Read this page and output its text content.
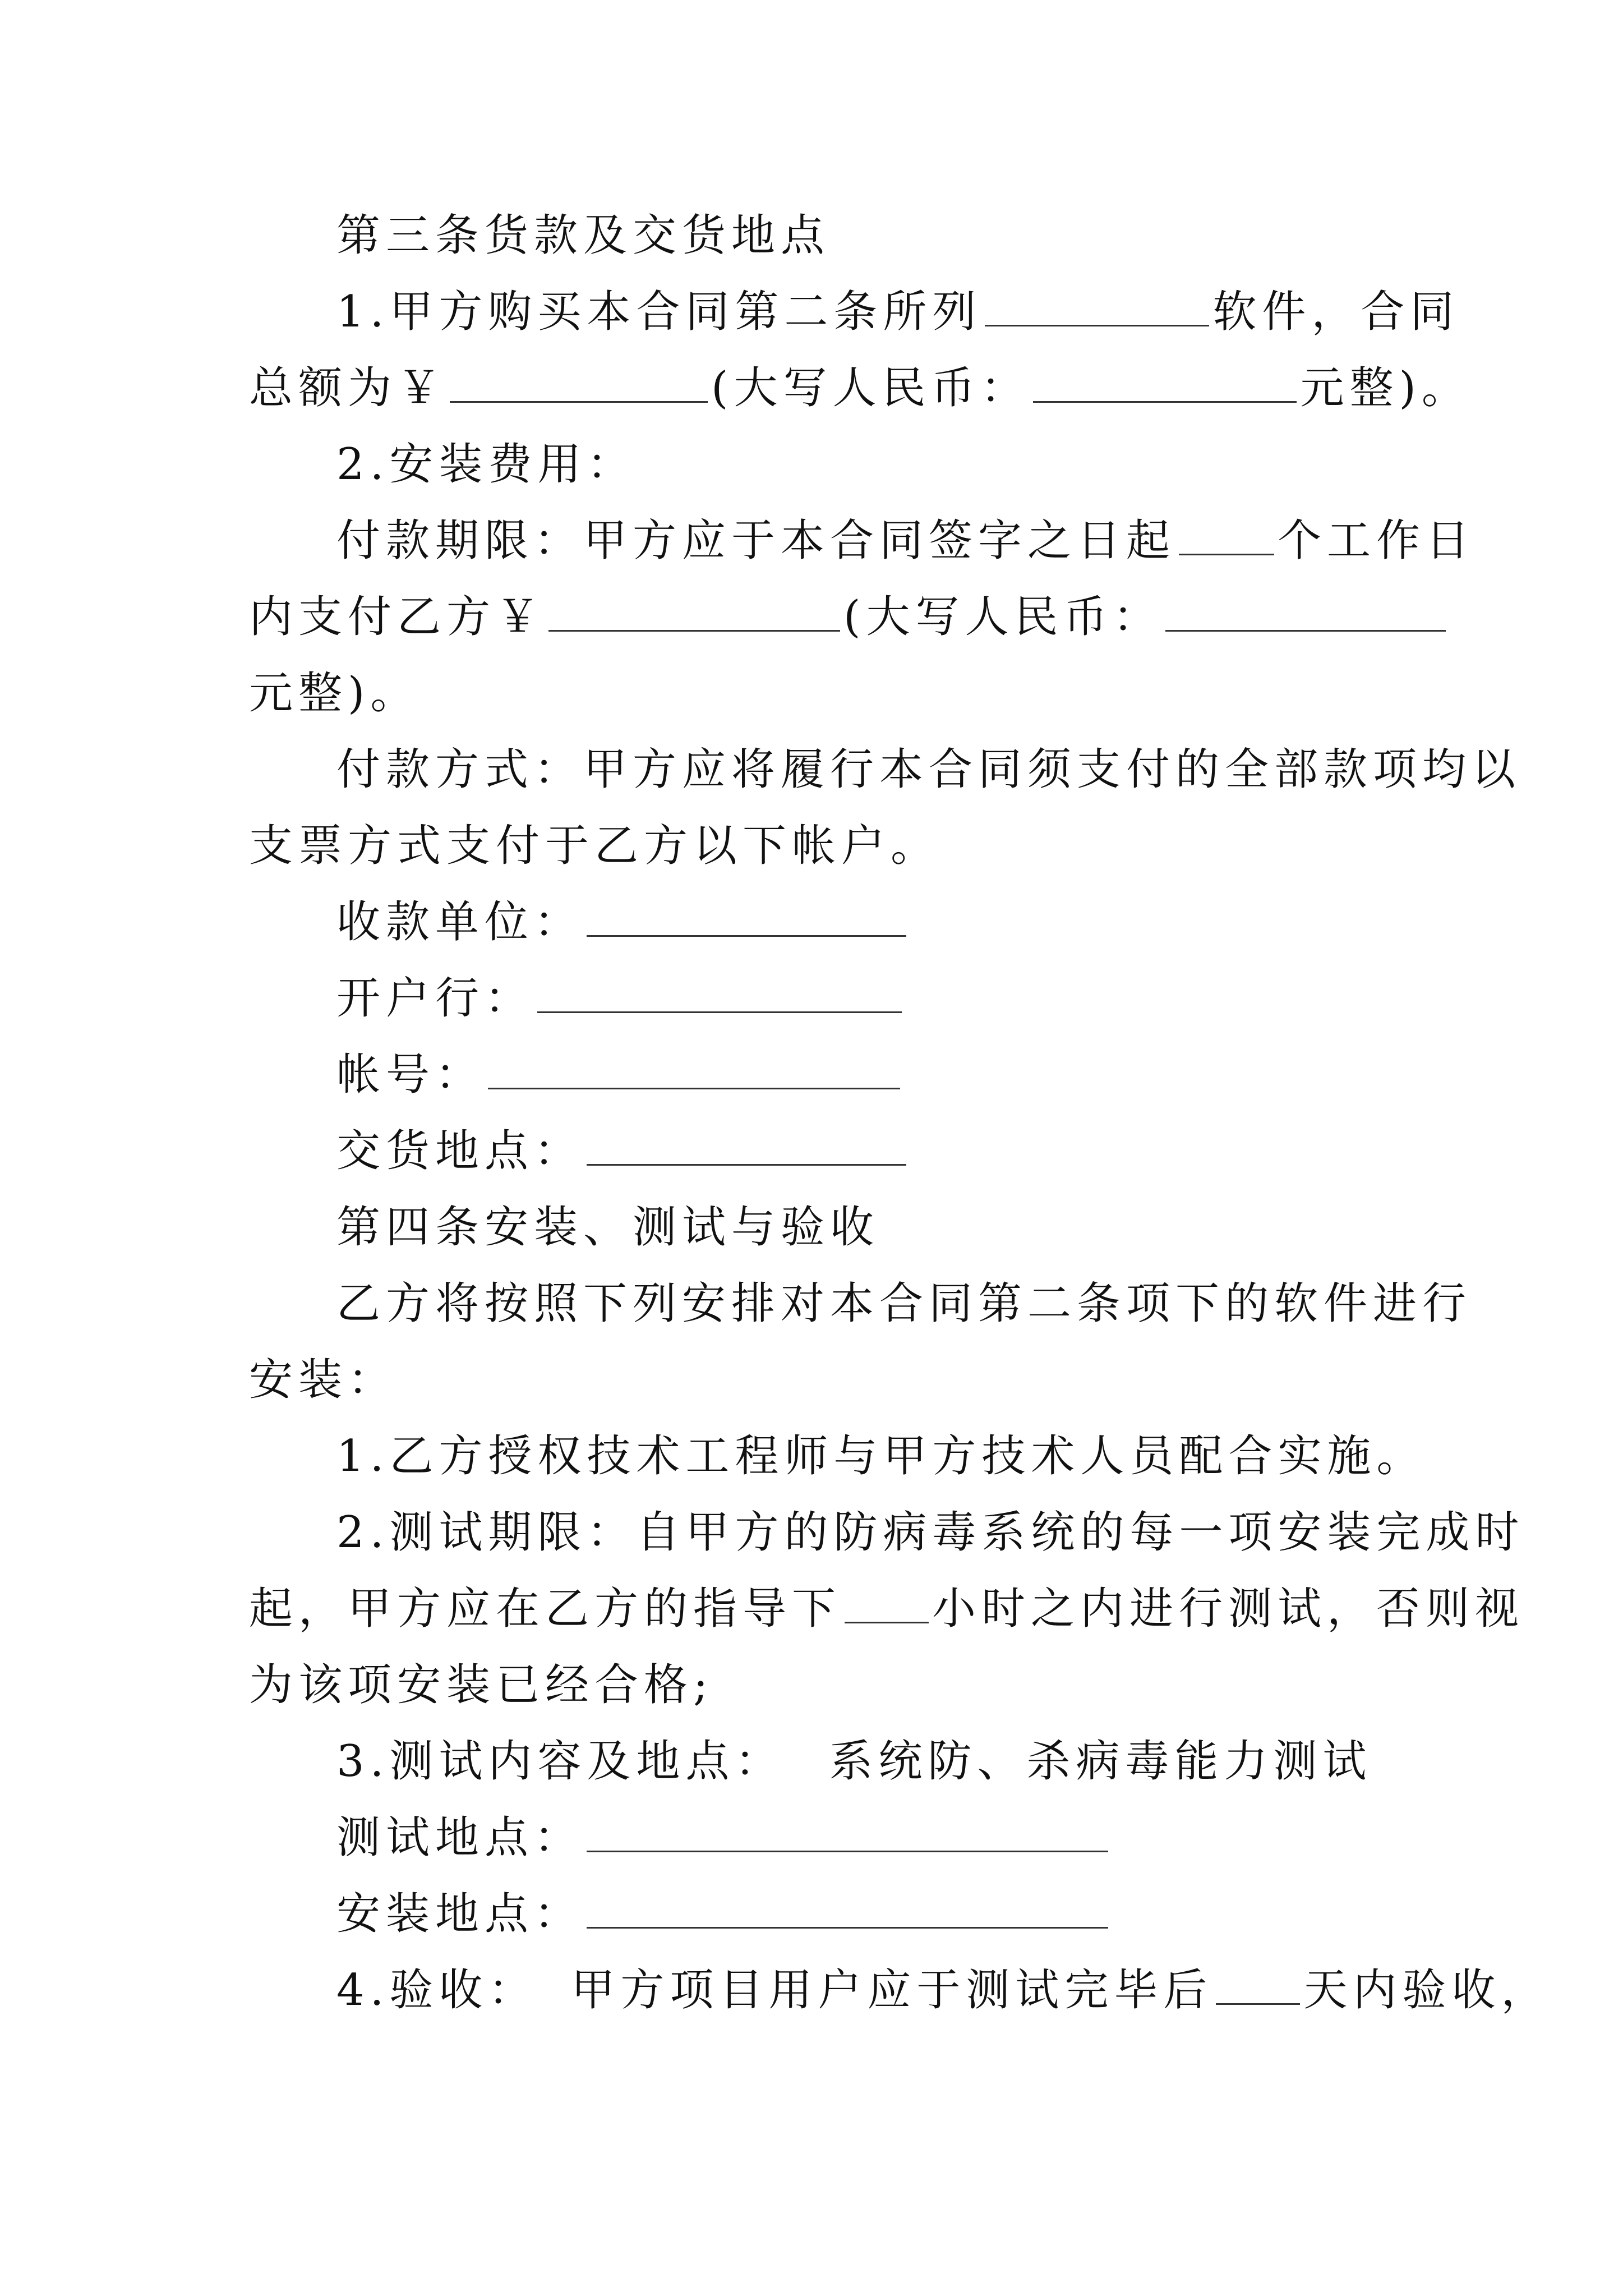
第三条货款及交货地点
1.甲方购买本合同第二条所列	软件，合同
总额为￥	(大写人民币：	元整)。
2.安装费用：
付款期限：甲方应于本合同签字之日起 个工作日
内支付乙方￥	(大写人民币：
元整)。
付款方式：甲方应将履行本合同须支付的全部款项均以
支票方式支付于乙方以下帐户。
收款单位：
开户行：
帐号：
交货地点：
第四条安装、测试与验收
乙方将按照下列安排对本合同第二条项下的软件进行
安装：
1.乙方授权技术工程师与甲方技术人员配合实施。
2.测试期限：自甲方的防病毒系统的每一项安装完成时
起，甲方应在乙方的指导下 小时之内进行测试，否则视
为该项安装已经合格;
3.测试内容及地点： 系统防、杀病毒能力测试
测试地点：
安装地点：
4.验收： 甲方项目用户应于测试完毕后 天内验收，
